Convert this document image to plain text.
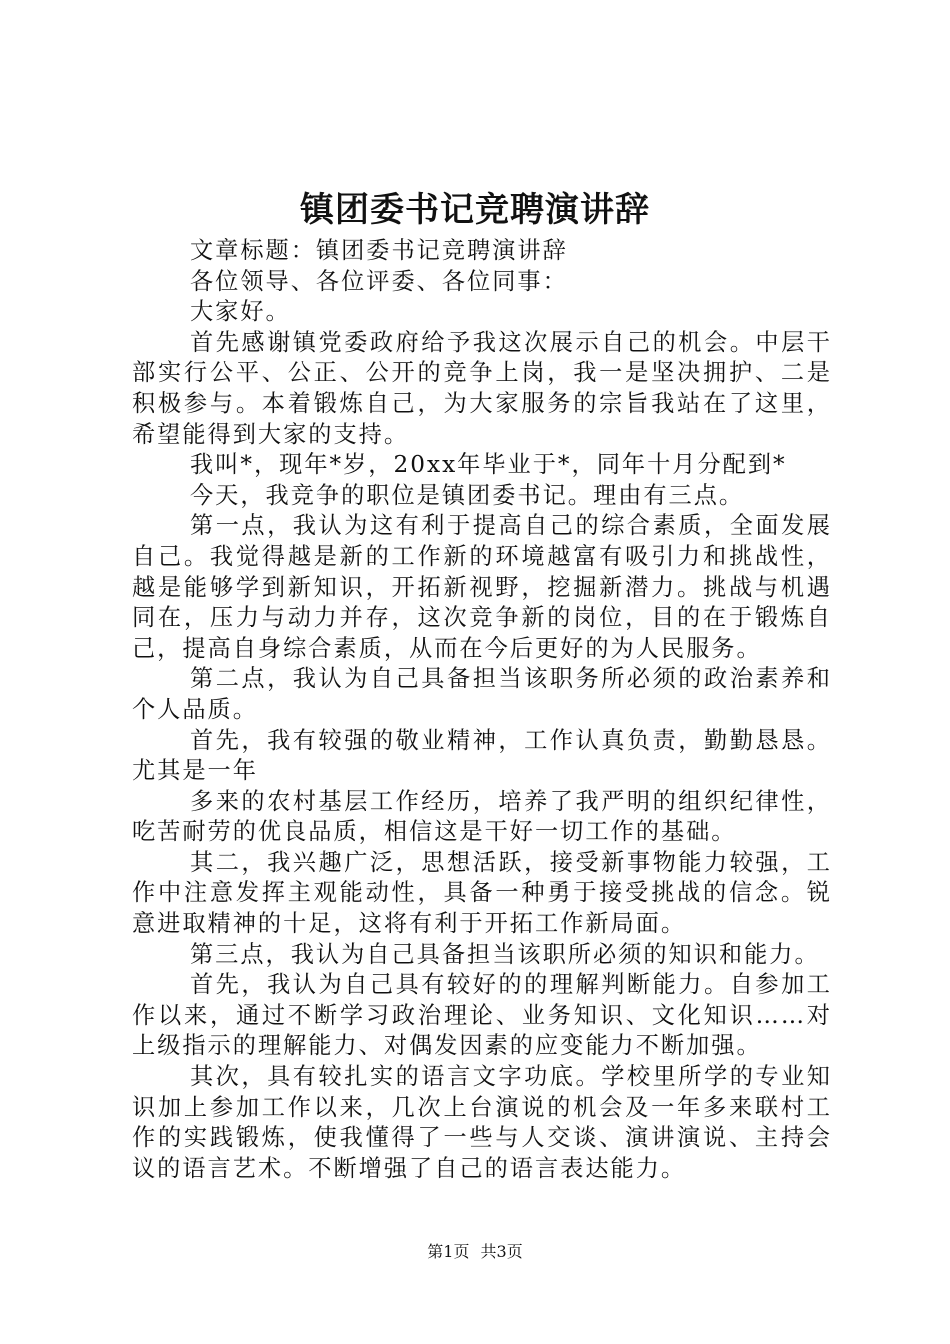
镇团委书记竞聘演讲辞

文章标题：镇团委书记竞聘演讲辞

各位领导、各位评委、各位同事：

大家好。

首先感谢镇党委政府给予我这次展示自己的机会。中层干部实行公平、公正、公开的竞争上岗，我一是坚决拥护、二是积极参与。本着锻炼自己，为大家服务的宗旨我站在了这里，希望能得到大家的支持。

我叫*，现年*岁，20xx年毕业于*，同年十月分配到*

今天，我竞争的职位是镇团委书记。理由有三点。

第一点，我认为这有利于提高自己的综合素质，全面发展自己。我觉得越是新的工作新的环境越富有吸引力和挑战性，越是能够学到新知识，开拓新视野，挖掘新潜力。挑战与机遇同在，压力与动力并存，这次竞争新的岗位，目的在于锻炼自己，提高自身综合素质，从而在今后更好的为人民服务。

第二点，我认为自己具备担当该职务所必须的政治素养和个人品质。

首先，我有较强的敬业精神，工作认真负责，勤勤恳恳。尤其是一年

多来的农村基层工作经历，培养了我严明的组织纪律性，吃苦耐劳的优良品质，相信这是干好一切工作的基础。

其二，我兴趣广泛，思想活跃，接受新事物能力较强，工作中注意发挥主观能动性，具备一种勇于接受挑战的信念。锐意进取精神的十足，这将有利于开拓工作新局面。

第三点，我认为自己具备担当该职所必须的知识和能力。

首先，我认为自己具有较好的的理解判断能力。自参加工作以来，通过不断学习政治理论、业务知识、文化知识……对上级指示的理解能力、对偶发因素的应变能力不断加强。

其次，具有较扎实的语言文字功底。学校里所学的专业知识加上参加工作以来，几次上台演说的机会及一年多来联村工作的实践锻炼，使我懂得了一些与人交谈、演讲演说、主持会议的语言艺术。不断增强了自己的语言表达能力。

第1页 共3页
